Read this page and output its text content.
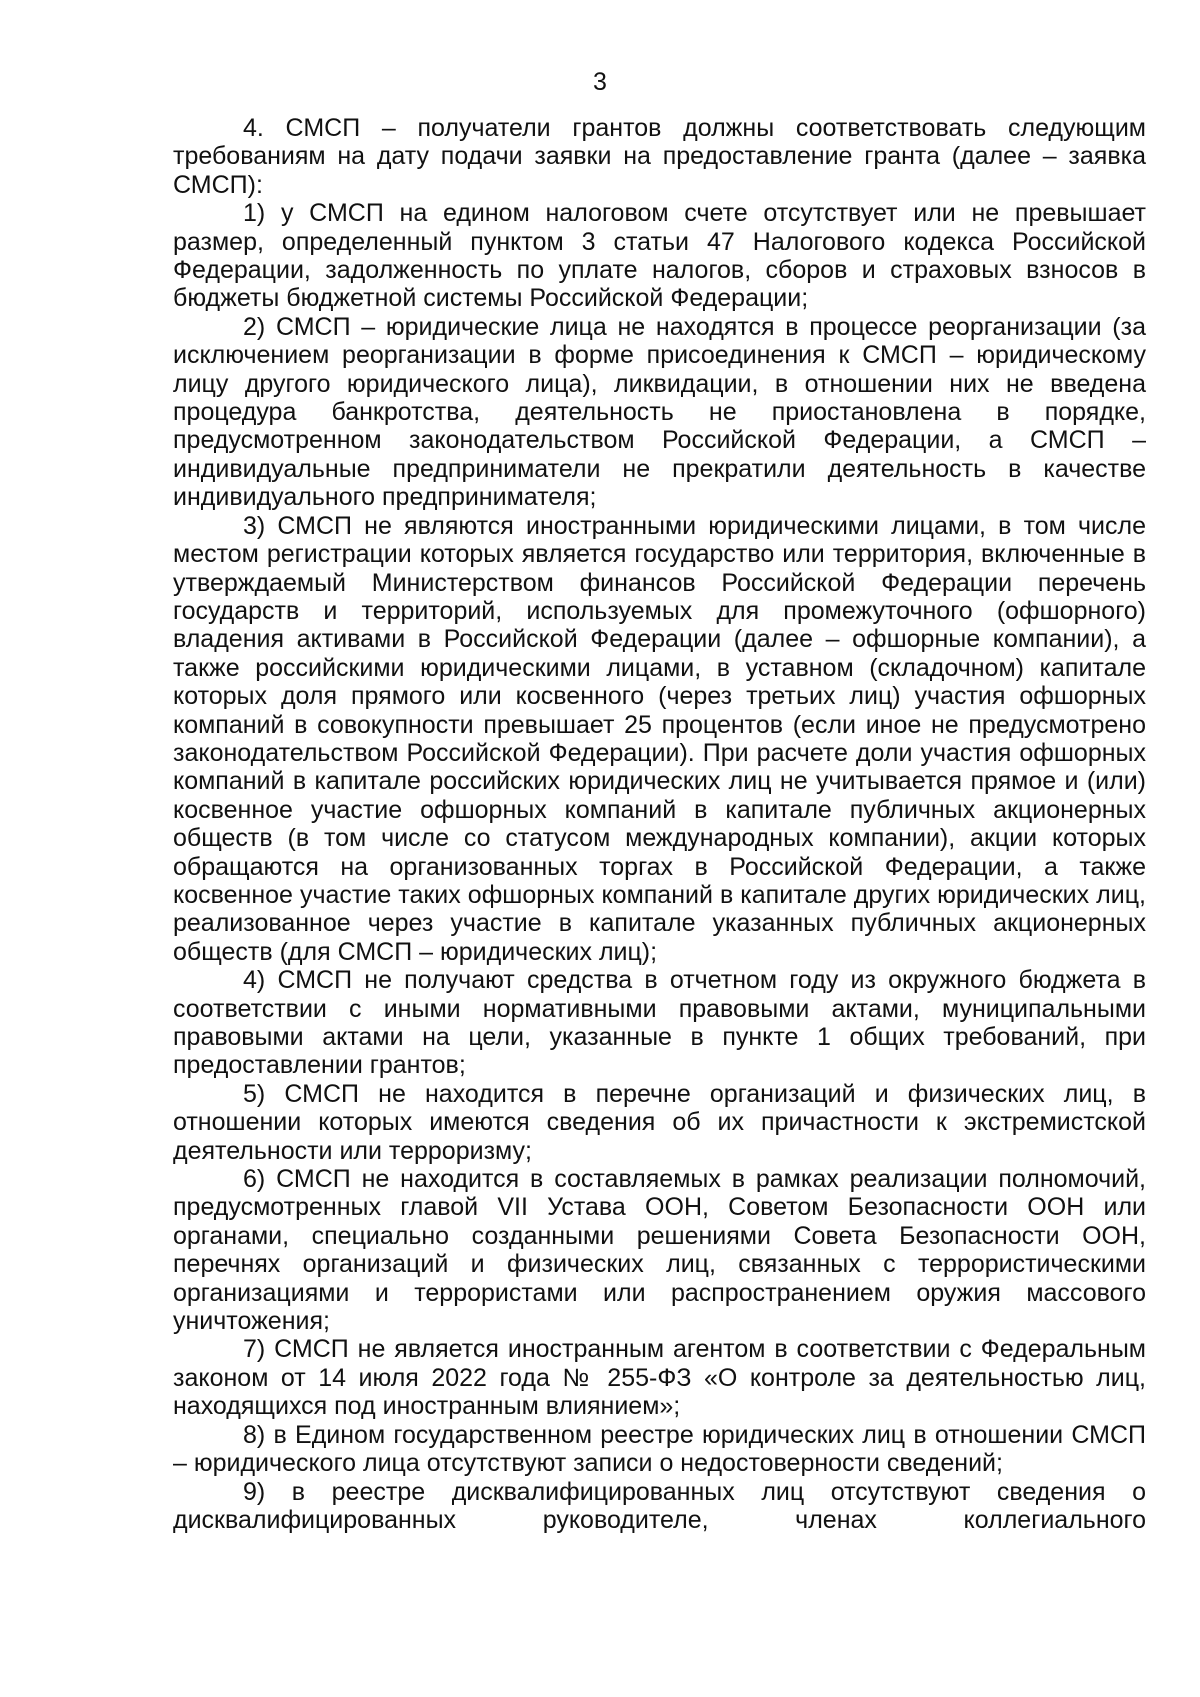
3

4. СМСП – получатели грантов должны соответствовать следующим требованиям на дату подачи заявки на предоставление гранта (далее – заявка СМСП):

1) у СМСП на едином налоговом счете отсутствует или не превышает размер, определенный пунктом 3 статьи 47 Налогового кодекса Российской Федерации, задолженность по уплате налогов, сборов и страховых взносов в бюджеты бюджетной системы Российской Федерации;

2) СМСП – юридические лица не находятся в процессе реорганизации (за исключением реорганизации в форме присоединения к СМСП – юридическому лицу другого юридического лица), ликвидации, в отношении них не введена процедура банкротства, деятельность не приостановлена в порядке, предусмотренном законодательством Российской Федерации, а СМСП – индивидуальные предприниматели не прекратили деятельность в качестве индивидуального предпринимателя;

3) СМСП не являются иностранными юридическими лицами, в том числе местом регистрации которых является государство или территория, включенные в утверждаемый Министерством финансов Российской Федерации перечень государств и территорий, используемых для промежуточного (офшорного) владения активами в Российской Федерации (далее – офшорные компании), а также российскими юридическими лицами, в уставном (складочном) капитале которых доля прямого или косвенного (через третьих лиц) участия офшорных компаний в совокупности превышает 25 процентов (если иное не предусмотрено законодательством Российской Федерации). При расчете доли участия офшорных компаний в капитале российских юридических лиц не учитывается прямое и (или) косвенное участие офшорных компаний в капитале публичных акционерных обществ (в том числе со статусом международных компании), акции которых обращаются на организованных торгах в Российской Федерации, а также косвенное участие таких офшорных компаний в капитале других юридических лиц, реализованное через участие в капитале указанных публичных акционерных обществ (для СМСП – юридических лиц);

4) СМСП не получают средства в отчетном году из окружного бюджета в соответствии с иными нормативными правовыми актами, муниципальными правовыми актами на цели, указанные в пункте 1 общих требований, при предоставлении грантов;

5) СМСП не находится в перечне организаций и физических лиц, в отношении которых имеются сведения об их причастности к экстремистской деятельности или терроризму;

6) СМСП не находится в составляемых в рамках реализации полномочий, предусмотренных главой VII Устава ООН, Советом Безопасности ООН или органами, специально созданными решениями Совета Безопасности ООН, перечнях организаций и физических лиц, связанных с террористическими организациями и террористами или распространением оружия массового уничтожения;

7) СМСП не является иностранным агентом в соответствии с Федеральным законом от 14 июля 2022 года № 255-ФЗ «О контроле за деятельностью лиц, находящихся под иностранным влиянием»;

8) в Едином государственном реестре юридических лиц в отношении СМСП – юридического лица отсутствуют записи о недостоверности сведений;

9) в реестре дисквалифицированных лиц отсутствуют сведения о дисквалифицированных руководителе, членах коллегиального
